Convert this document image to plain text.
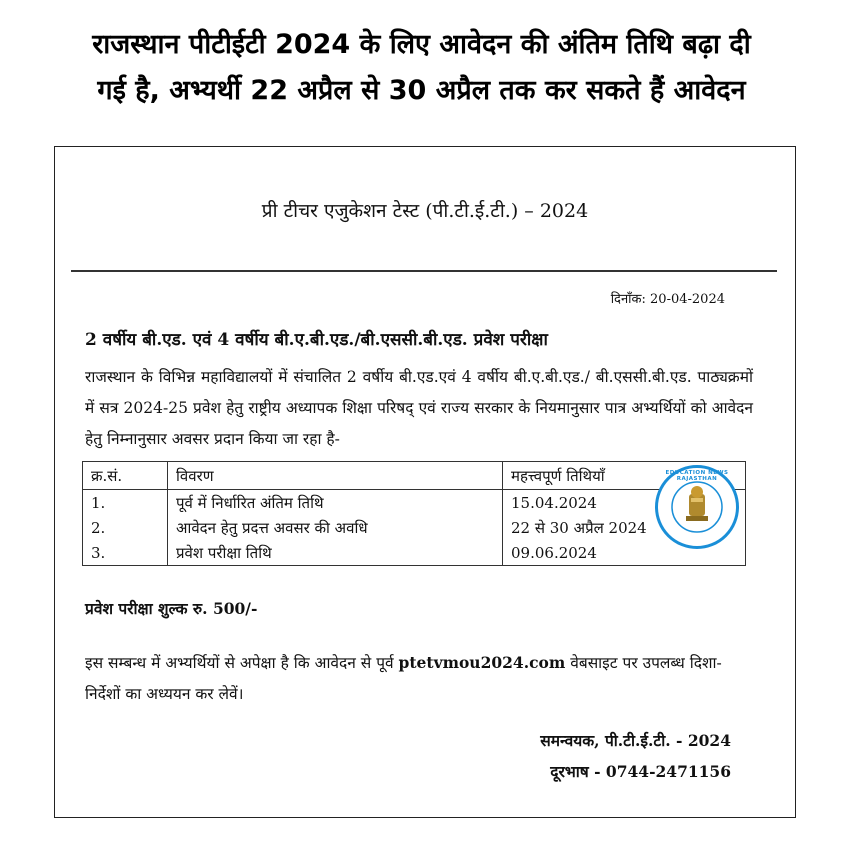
राजस्थान पीटीईटी 2024 के लिए आवेदन की अंतिम तिथि बढ़ा दी
गई है, अभ्यर्थी 22 अप्रैल से 30 अप्रैल तक कर सकते हैं आवेदन
प्री टीचर एजुकेशन टेस्ट (पी.टी.ई.टी.) – 2024
दिनाँक: 20-04-2024
2 वर्षीय बी.एड. एवं 4 वर्षीय बी.ए.बी.एड./बी.एससी.बी.एड. प्रवेश परीक्षा
राजस्थान के विभिन्न महाविद्यालयों में संचालित 2 वर्षीय बी.एड.एवं 4 वर्षीय बी.ए.बी.एड./ बी.एससी.बी.एड. पाठ्यक्रमों में सत्र 2024-25 प्रवेश हेतु राष्ट्रीय अध्यापक शिक्षा परिषद् एवं राज्य सरकार के नियमानुसार पात्र अभ्यर्थियों को आवेदन हेतु निम्नानुसार अवसर प्रदान किया जा रहा है-
क्र.सं.	विवरण	महत्त्वपूर्ण तिथियाँ
1.	पूर्व में निर्धारित अंतिम तिथि	15.04.2024
2.	आवेदन हेतु प्रदत्त अवसर की अवधि	22 से 30 अप्रैल 2024
3.	प्रवेश परीक्षा तिथि	09.06.2024
प्रवेश परीक्षा शुल्क रु. 500/-
इस सम्बन्ध में अभ्यर्थियों से अपेक्षा है कि आवेदन से पूर्व ptetvmou2024.com वेबसाइट पर उपलब्ध दिशा-निर्देशों का अध्ययन कर लेवें।
समन्वयक, पी.टी.ई.टी. - 2024
दूरभाष - 0744-2471156
EDUCATION NEWS RAJASTHAN
